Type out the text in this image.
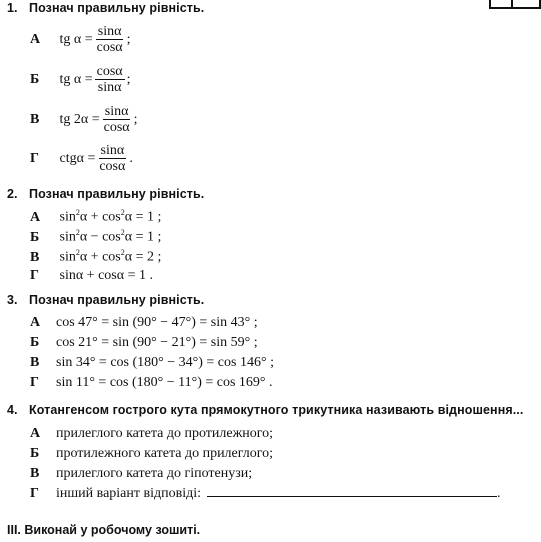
1. Познач правильну рівність.
А tg $\alpha = \frac{\sin\alpha}{\cos\alpha}$ ;
Б tg $\alpha = \frac{\cos\alpha}{\sin\alpha}$ ;
В tg $2\alpha = \frac{\sin\alpha}{\cos\alpha}$ ;
Г $ctg\alpha = \frac{\sin\alpha}{\cos\alpha}$ .
2. Познач правильну рівність.
А $\sin^2\alpha + \cos^2\alpha = 1$ ;
Б $\sin^2\alpha - \cos^2\alpha = 1$ ;
В $\sin^2\alpha + \cos^2\alpha = 2$ ;
Г sinα + cosα = 1 .
3. Познач правильну рівність.
А cos 47° = sin (90° − 47°) = sin 43° ;
Б cos 21° = sin (90° − 21°) = sin 59° ;
В sin 34° = cos (180° − 34°) = cos 146° ;
Г sin 11° = cos (180° − 11°) = cos 169° .
4. Котангенсом гострого кута прямокутного трикутника називають відношення...
А прилеглого катета до протилежного;
Б протилежного катета до прилеглого;
В прилеглого катета до гіпотенузи;
Г інший варіант відповіді:	.
III. Виконай у робочому зошиті.
